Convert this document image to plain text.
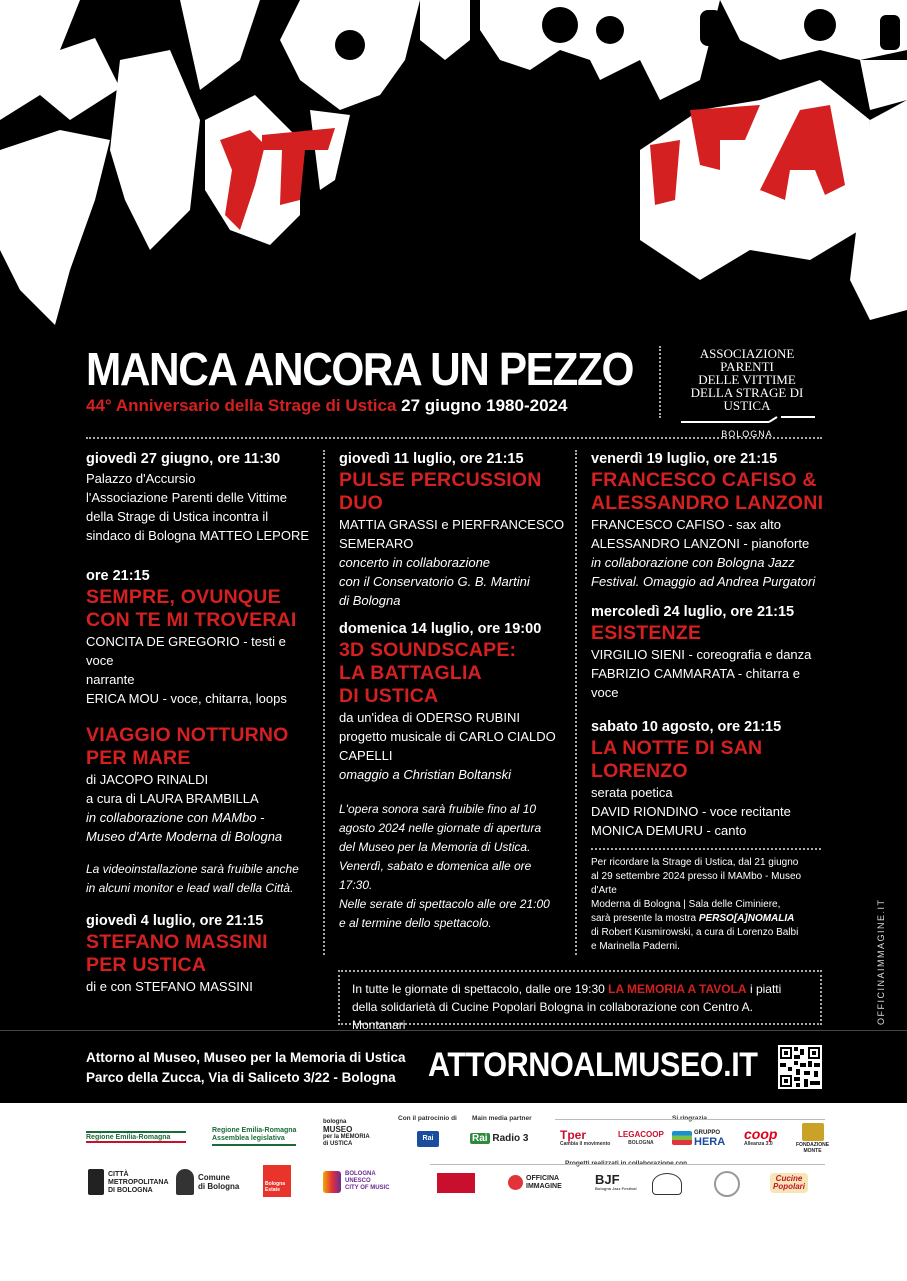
MANCA ANCORA UN PEZZO
44° Anniversario della Strage di Ustica 27 giugno 1980-2024
ASSOCIAZIONE PARENTI
DELLE VITTIME
DELLA STRAGE DI USTICA
BOLOGNA
giovedì 27 giugno, ore 11:30
Palazzo d'Accursio
l'Associazione Parenti delle Vittime
della Strage di Ustica incontra il
sindaco di Bologna MATTEO LEPORE
ore 21:15
SEMPRE, OVUNQUE
CON TE MI TROVERAI
CONCITA DE GREGORIO - testi e voce
narrante
ERICA MOU - voce, chitarra, loops
VIAGGIO NOTTURNO
PER MARE
di JACOPO RINALDI
a cura di LAURA BRAMBILLA
in collaborazione con MAMbo -
Museo d'Arte Moderna di Bologna
La videoinstallazione sarà fruibile anche
in alcuni monitor e lead wall della Città.
giovedì 4 luglio, ore 21:15
STEFANO MASSINI
PER USTICA
di e con STEFANO MASSINI
giovedì 11 luglio, ore 21:15
PULSE PERCUSSION
DUO
MATTIA GRASSI e PIERFRANCESCO
SEMERARO
concerto in collaborazione
con il Conservatorio G. B. Martini
di Bologna
domenica 14 luglio, ore 19:00
3D SOUNDSCAPE:
LA BATTAGLIA
DI USTICA
da un'idea di ODERSO RUBINI
progetto musicale di CARLO CIALDO
CAPELLI
omaggio a Christian Boltanski
L'opera sonora sarà fruibile fino al 10
agosto 2024 nelle giornate di apertura
del Museo per la Memoria di Ustica.
Venerdì, sabato e domenica alle ore 17:30.
Nelle serate di spettacolo alle ore 21:00
e al termine dello spettacolo.
venerdì 19 luglio, ore 21:15
FRANCESCO CAFISO &
ALESSANDRO LANZONI
FRANCESCO CAFISO - sax alto
ALESSANDRO LANZONI - pianoforte
in collaborazione con Bologna Jazz
Festival. Omaggio ad Andrea Purgatori
mercoledì 24 luglio, ore 21:15
ESISTENZE
VIRGILIO SIENI - coreografia e danza
FABRIZIO CAMMARATA - chitarra e voce
sabato 10 agosto, ore 21:15
LA NOTTE DI SAN
LORENZO
serata poetica
DAVID RIONDINO - voce recitante
MONICA DEMURU - canto
Per ricordare la Strage di Ustica, dal 21 giugno
al 29 settembre 2024 presso il MAMbo - Museo d'Arte
Moderna di Bologna | Sala delle Ciminiere,
sarà presente la mostra PERSO[A]NOMALIA
di Robert Kusmirowski, a cura di Lorenzo Balbi
e Marinella Paderni.
In tutte le giornate di spettacolo, dalle ore 19:30 LA MEMORIA A TAVOLA i piatti
della solidarietà di Cucine Popolari Bologna in collaborazione con Centro A. Montanari	OFFICINAIMMAGINE.IT
Attorno al Museo, Museo per la Memoria di Ustica
Parco della Zucca, Via di Saliceto 3/22 - Bologna ATTORNOALMUSEO.IT
Con il patrocinio di Main media partner	Si ringrazia
Regione Emilia-Romagna
Regione Emilia-Romagna
Assemblea legislativa
bologna
MUSEO
per la MEMORIA
di USTICA
Rai	Rai Radio 3	Tper
Cambia il movimento
LEGACOOP
BOLOGNA
GRUPPO
HERA coop
Alleanza 3.0	FONDAZIONE
MONTE
Progetti realizzati in collaborazione con
CITTÀ
METROPOLITANA
DI BOLOGNA
Comune
di Bologna	Bologna
Estate
BOLOGNA
UNESCO
CITY OF MUSIC
OFFICINA
IMMAGINE	BJF
Bologna Jazz Festival
Cucine
Popolari
